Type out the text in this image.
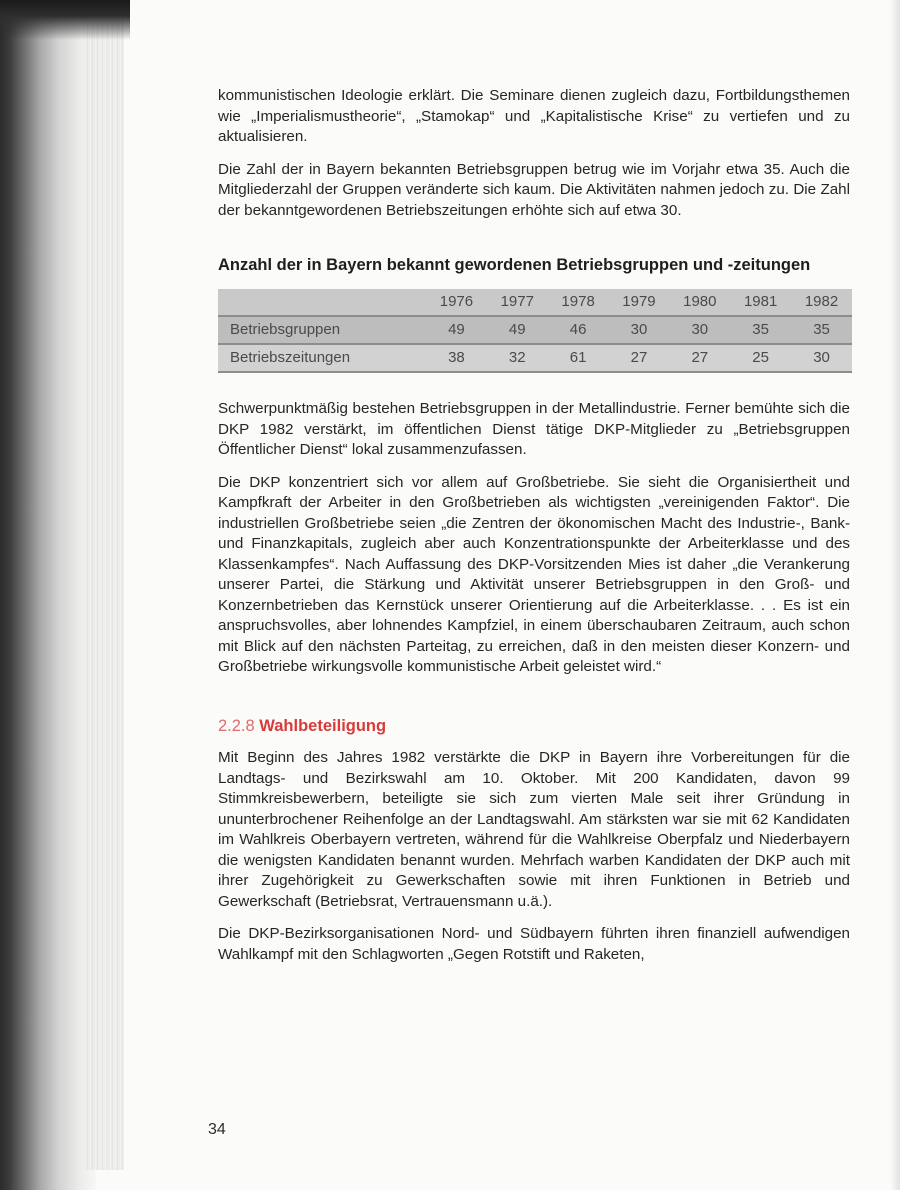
kommunistischen Ideologie erklärt. Die Seminare dienen zugleich dazu, Fortbildungsthemen wie „Imperialismustheorie“, „Stamokap“ und „Kapitalistische Krise“ zu vertiefen und zu aktualisieren.

Die Zahl der in Bayern bekannten Betriebsgruppen betrug wie im Vorjahr etwa 35. Auch die Mitgliederzahl der Gruppen veränderte sich kaum. Die Aktivitäten nahmen jedoch zu. Die Zahl der bekanntgewordenen Betriebszeitungen erhöhte sich auf etwa 30.

Anzahl der in Bayern bekannt gewordenen Betriebsgruppen und -zeitungen
	1976	1977	1978	1979	1980	1981	1982
Betriebsgruppen	49	49	46	30	30	35	35
Betriebszeitungen	38	32	61	27	27	25	30

Schwerpunktmäßig bestehen Betriebsgruppen in der Metallindustrie. Ferner bemühte sich die DKP 1982 verstärkt, im öffentlichen Dienst tätige DKP-Mitglieder zu „Betriebsgruppen Öffentlicher Dienst“ lokal zusammenzufassen.

Die DKP konzentriert sich vor allem auf Großbetriebe. Sie sieht die Organisiertheit und Kampfkraft der Arbeiter in den Großbetrieben als wichtigsten „vereinigenden Faktor“. Die industriellen Großbetriebe seien „die Zentren der ökonomischen Macht des Industrie-, Bank- und Finanzkapitals, zugleich aber auch Konzentrationspunkte der Arbeiterklasse und des Klassenkampfes“. Nach Auffassung des DKP-Vorsitzenden Mies ist daher „die Verankerung unserer Partei, die Stärkung und Aktivität unserer Betriebsgruppen in den Groß- und Konzernbetrieben das Kernstück unserer Orientierung auf die Arbeiterklasse. . . Es ist ein anspruchsvolles, aber lohnendes Kampfziel, in einem überschaubaren Zeitraum, auch schon mit Blick auf den nächsten Parteitag, zu erreichen, daß in den meisten dieser Konzern- und Großbetriebe wirkungsvolle kommunistische Arbeit geleistet wird.“

2.2.8 Wahlbeteiligung

Mit Beginn des Jahres 1982 verstärkte die DKP in Bayern ihre Vorbereitungen für die Landtags- und Bezirkswahl am 10. Oktober. Mit 200 Kandidaten, davon 99 Stimmkreisbewerbern, beteiligte sie sich zum vierten Male seit ihrer Gründung in ununterbrochener Reihenfolge an der Landtagswahl. Am stärksten war sie mit 62 Kandidaten im Wahlkreis Oberbayern vertreten, während für die Wahlkreise Oberpfalz und Niederbayern die wenigsten Kandidaten benannt wurden. Mehrfach warben Kandidaten der DKP auch mit ihrer Zugehörigkeit zu Gewerkschaften sowie mit ihren Funktionen in Betrieb und Gewerkschaft (Betriebsrat, Vertrauensmann u.ä.).

Die DKP-Bezirksorganisationen Nord- und Südbayern führten ihren finanziell aufwendigen Wahlkampf mit den Schlagworten „Gegen Rotstift und Raketen,

34
